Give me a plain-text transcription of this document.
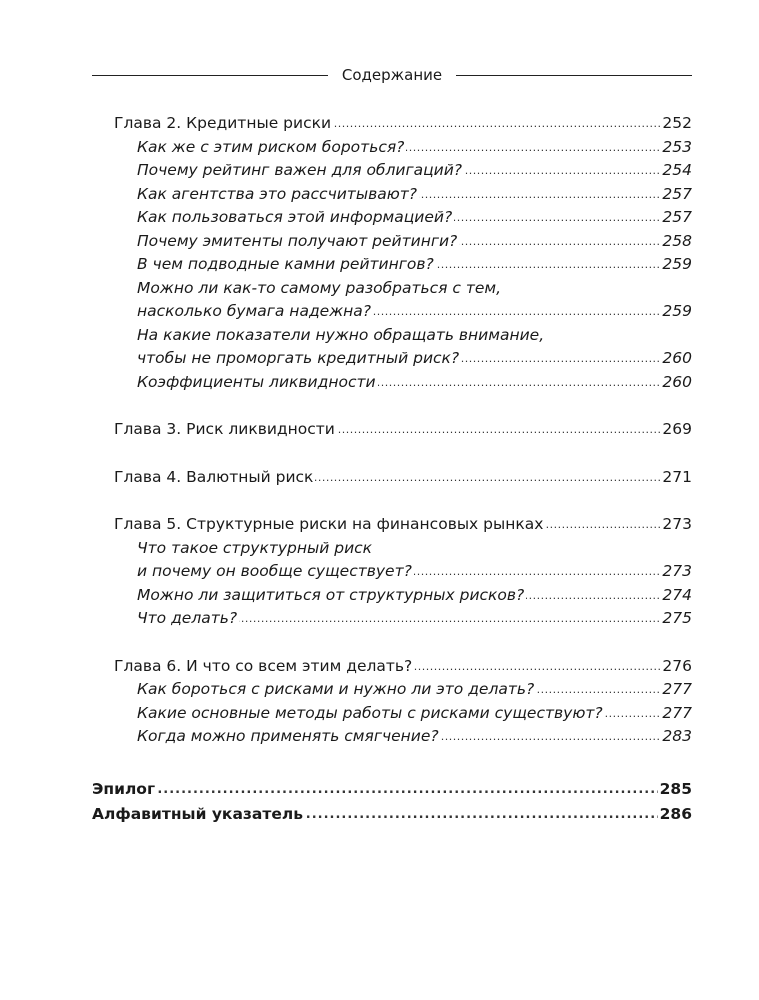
Содержание
..... Глава 2. Кредитные риски	252
..... Как же с этим риском бороться?	253
..... Почему рейтинг важен для облигаций?	254
..... Как агентства это рассчитывают?	257
..... Как пользоваться этой информацией?	257
..... Почему эмитенты получают рейтинги?	258
..... В чем подводные камни рейтингов?	259
Можно ли как-то самому разобраться с тем,
..... насколько бумага надежна?	259
На какие показатели нужно обращать внимание,
..... чтобы не проморгать кредитный риск?	260
..... Коэффициенты ликвидности	260
..... Глава 3. Риск ликвидности	269
..... Глава 4. Валютный риск	271
..... Глава 5. Структурные риски на финансовых рынках	273
Что такое структурный риск
..... и почему он вообще существует?	273
..... Можно ли защититься от структурных рисков?	274
..... Что делать?	275
..... Глава 6. И что со всем этим делать?	276
..... Как бороться с рисками и нужно ли это делать?	277
..... Какие основные методы работы с рисками существуют?	277
..... Когда можно применять смягчение?	283
..... Эпилог	285
..... Алфавитный указатель	286
